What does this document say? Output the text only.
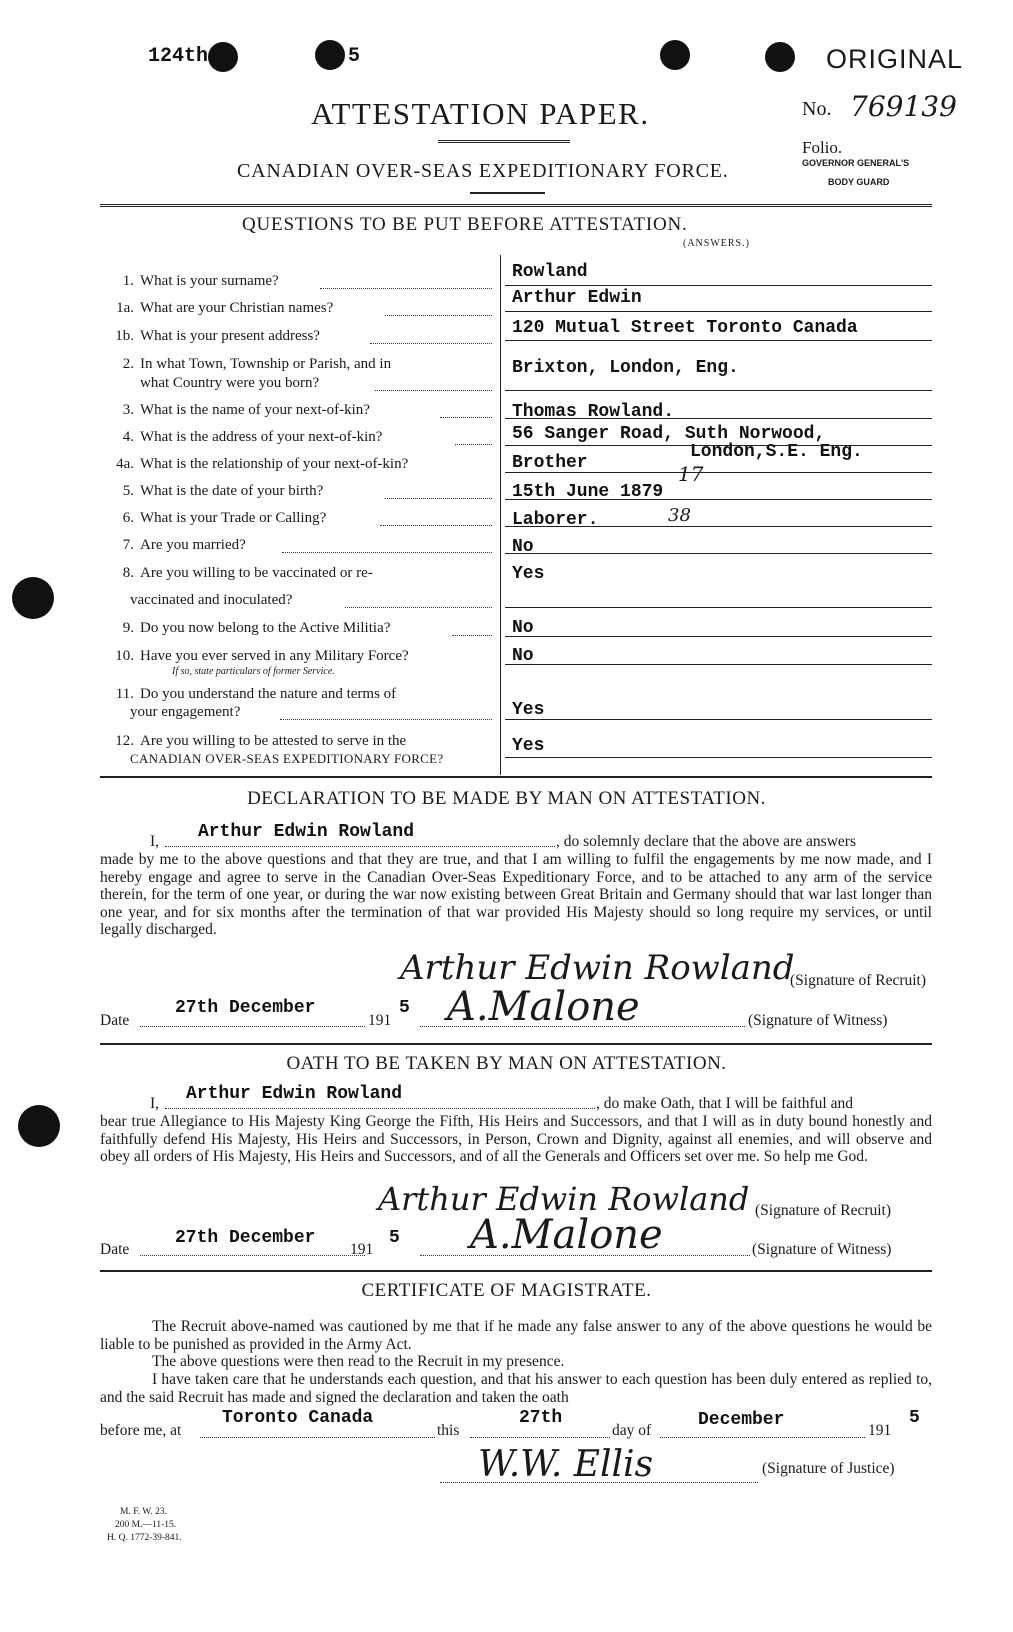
124th	5	ORIGINAL
ATTESTATION PAPER.
CANADIAN OVER-SEAS EXPEDITIONARY FORCE.
No. 769139
Folio.
GOVERNOR GENERAL'S
BODY GUARD
QUESTIONS TO BE PUT BEFORE ATTESTATION.
(ANSWERS.)
1. What is your surname?	Rowland
1a. What are your Christian names?	Arthur Edwin
1b. What is your present address?	120 Mutual Street Toronto Canada
2. In what Town, Township or Parish, and in
what Country were you born?
Brixton, London, Eng.
3. What is the name of your next-of-kin?	Thomas Rowland.
4. What is the address of your next-of-kin?	56 Sanger Road, Suth Norwood,
London,S.E. Eng.
4a. What is the relationship of your next-of-kin?	Brother
5. What is the date of your birth?	15th June 1879
17
6. What is your Trade or Calling?	Laborer.	38
7. Are you married?	No
8. Are you willing to be vaccinated or re-
vaccinated and inoculated?
Yes
9. Do you now belong to the Active Militia?	No
10. Have you ever served in any Military Force?
If so, state particulars of former Service.
No
11. Do you understand the nature and terms of
your engagement?	Yes
12. Are you willing to be attested to serve in the
CANADIAN OVER-SEAS EXPEDITIONARY FORCE?
Yes
DECLARATION TO BE MADE BY MAN ON ATTESTATION.
I, Arthur Edwin Rowland	, do solemnly declare that the above are answers
made by me to the above questions and that they are true, and that I am willing to fulfil the engagements by me now made, and I hereby engage and agree to serve in the Canadian Over-Seas Expeditionary Force, and to be attached to any arm of the service therein, for the term of one year, or during the war now existing between Great Britain and Germany should that war last longer than one year, and for six months after the termination of that war provided His Majesty should so long require my services, or until legally discharged.
Arthur Edwin Rowland
(Signature of Recruit)
Date
27th December
191
5 A.Malone	(Signature of Witness)
OATH TO BE TAKEN BY MAN ON ATTESTATION.
I, Arthur Edwin Rowland	, do make Oath, that I will be faithful and
bear true Allegiance to His Majesty King George the Fifth, His Heirs and Successors, and that I will as in duty bound honestly and faithfully defend His Majesty, His Heirs and Successors, in Person, Crown and Dignity, against all enemies, and will observe and obey all orders of His Majesty, His Heirs and Successors, and of all the Generals and Officers set over me. So help me God.
Arthur Edwin Rowland (Signature of Recruit)
Date
27th December
191
5 A.Malone	(Signature of Witness)
CERTIFICATE OF MAGISTRATE.
The Recruit above-named was cautioned by me that if he made any false answer to any of the above questions he would be liable to be punished as provided in the Army Act.
The above questions were then read to the Recruit in my presence.
I have taken care that he understands each question, and that his answer to each question has been duly entered as replied to, and the said Recruit has made and signed the declaration and taken the oath
before me, at
Toronto Canada
this
27th
day of
December
191
5
W.W. Ellis	(Signature of Justice)
M. F. W. 23.
200 M.—11-15.
H. Q. 1772-39-841.
